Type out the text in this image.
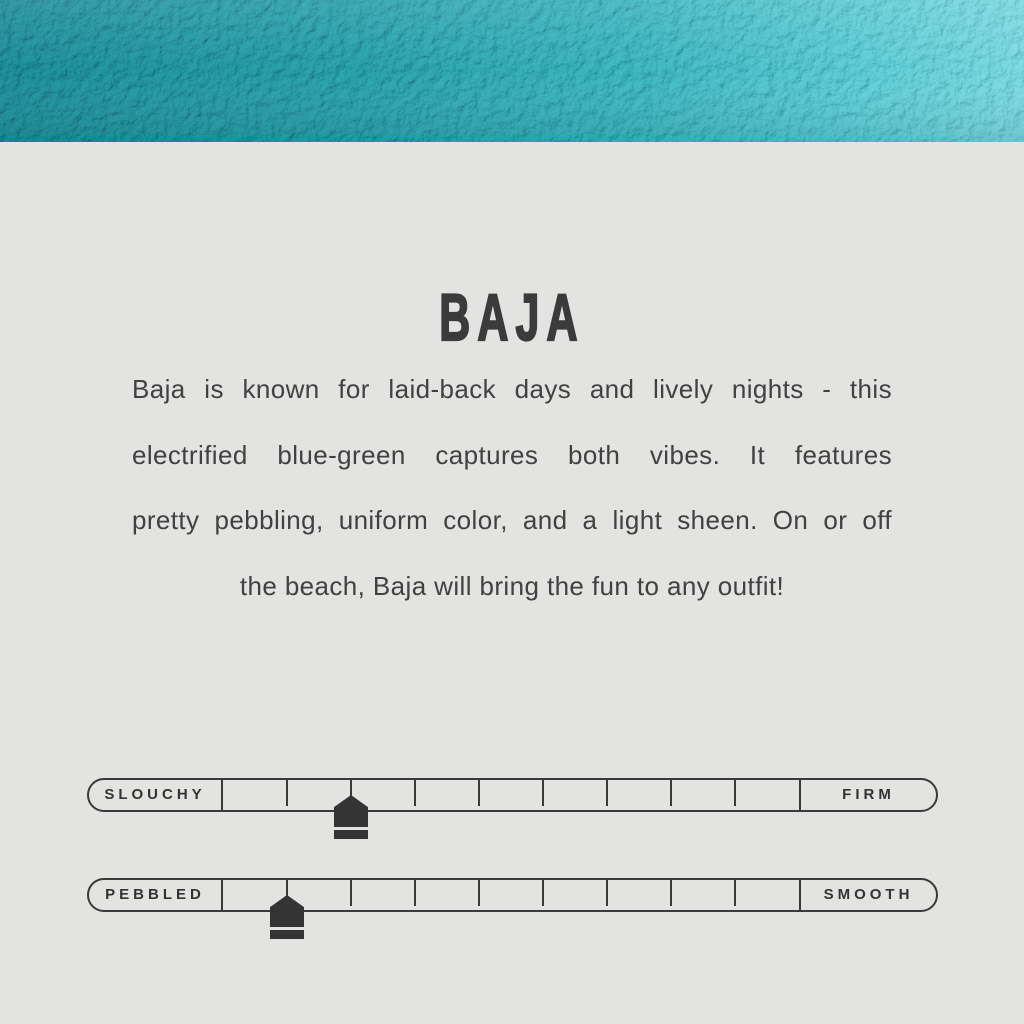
BAJA
Baja is known for laid-back days and lively nights - this
electrified blue-green captures both vibes. It features
pretty pebbling, uniform color, and a light sheen. On or off
the beach, Baja will bring the fun to any outfit!
SLOUCHY	FIRM
PEBBLED	SMOOTH
